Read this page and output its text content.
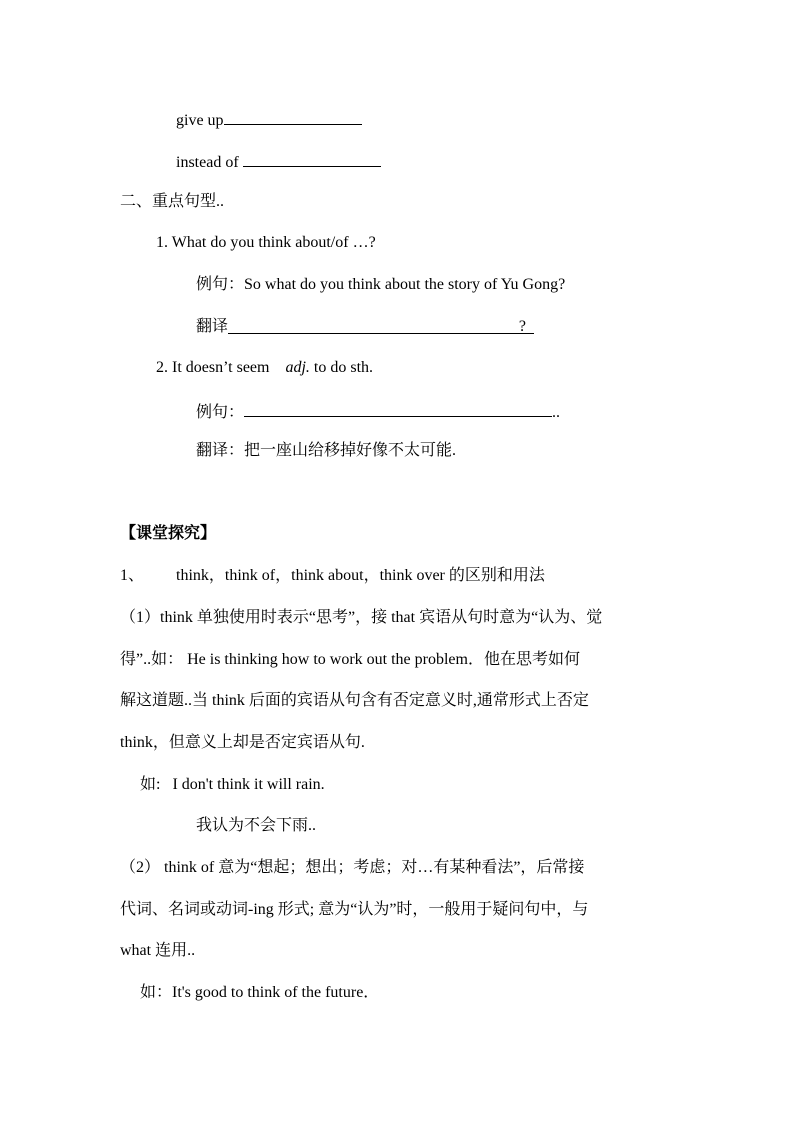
give up
instead of
二、重点句型..
1. What do you think about/of …?
例句：So what do you think about the story of Yu Gong?
翻译	?
2. It doesn’t seem adj. to do sth.
例句：	..
翻译：把一座山给移掉好像不太可能.
【课堂探究】
1、 think，think of，think about，think over 的区别和用法
（1）think 单独使用时表示“思考”，接 that 宾语从句时意为“认为、觉
得”..如： He is thinking how to work out the problem．他在思考如何
解这道题..当 think 后面的宾语从句含有否定意义时,通常形式上否定
think，但意义上却是否定宾语从句.
如: I don't think it will rain.
我认为不会下雨..
（2） think of 意为“想起；想出；考虑；对…有某种看法”，后常接
代词、名词或动词-ing 形式; 意为“认为”时，一般用于疑问句中，与
what 连用..
如：It's good to think of the future．
